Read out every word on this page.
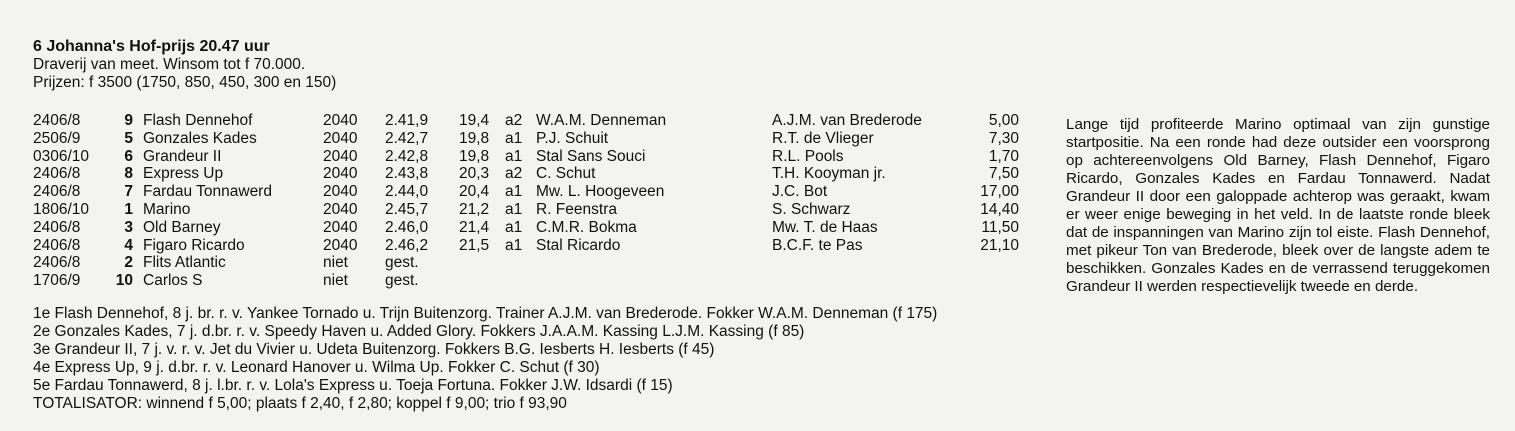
6 Johanna's Hof-prijs 20.47 uur
Draverij van meet. Winsom tot f 70.000.
Prijzen: f 3500 (1750, 850, 450, 300 en 150)
2406/8	9 Flash Dennehof	2040 2.41,9 19,4 a2 W.A.M. Denneman	A.J.M. van Brederode	5,00
2506/9	5 Gonzales Kades	2040 2.42,7 19,8 a1 P.J. Schuit	R.T. de Vlieger	7,30
0306/10	6 Grandeur II	2040 2.42,8 19,8 a1 Stal Sans Souci	R.L. Pools	1,70
2406/8	8 Express Up	2040 2.43,8 20,3 a2 C. Schut	T.H. Kooyman jr.	7,50
2406/8	7 Fardau Tonnawerd	2040 2.44,0 20,4 a1 Mw. L. Hoogeveen	J.C. Bot	17,00
1806/10	1 Marino	2040 2.45,7 21,2 a1 R. Feenstra	S. Schwarz	14,40
2406/8	3 Old Barney	2040 2.46,0 21,4 a1 C.M.R. Bokma	Mw. T. de Haas	11,50
2406/8	4 Figaro Ricardo	2040 2.46,2 21,5 a1 Stal Ricardo	B.C.F. te Pas	21,10
2406/8	2 Flits Atlantic	niet gest.
1706/9 10 Carlos S	niet gest.
1e Flash Dennehof, 8 j. br. r. v. Yankee Tornado u. Trijn Buitenzorg. Trainer A.J.M. van Brederode. Fokker W.A.M. Denneman (f 175)
2e Gonzales Kades, 7 j. d.br. r. v. Speedy Haven u. Added Glory. Fokkers J.A.A.M. Kassing L.J.M. Kassing (f 85)
3e Grandeur II, 7 j. v. r. v. Jet du Vivier u. Udeta Buitenzorg. Fokkers B.G. Iesberts H. Iesberts (f 45)
4e Express Up, 9 j. d.br. r. v. Leonard Hanover u. Wilma Up. Fokker C. Schut (f 30)
5e Fardau Tonnawerd, 8 j. l.br. r. v. Lola's Express u. Toeja Fortuna. Fokker J.W. Idsardi (f 15)
TOTALISATOR: winnend f 5,00; plaats f 2,40, f 2,80; koppel f 9,00; trio f 93,90

Lange tijd profiteerde Marino optimaal van zijn gunstige startpositie. Na een ronde had deze outsider een voorsprong op achtereenvolgens Old Barney, Flash Dennehof, Figaro Ricardo, Gonzales Kades en Fardau Tonnawerd. Nadat Grandeur II door een galoppade achterop was geraakt, kwam er weer enige beweging in het veld. In de laatste ronde bleek dat de inspanningen van Marino zijn tol eiste. Flash Dennehof, met pikeur Ton van Brederode, bleek over de langste adem te beschikken. Gonzales Kades en de verrassend teruggekomen Grandeur II werden respectievelijk tweede en derde.
